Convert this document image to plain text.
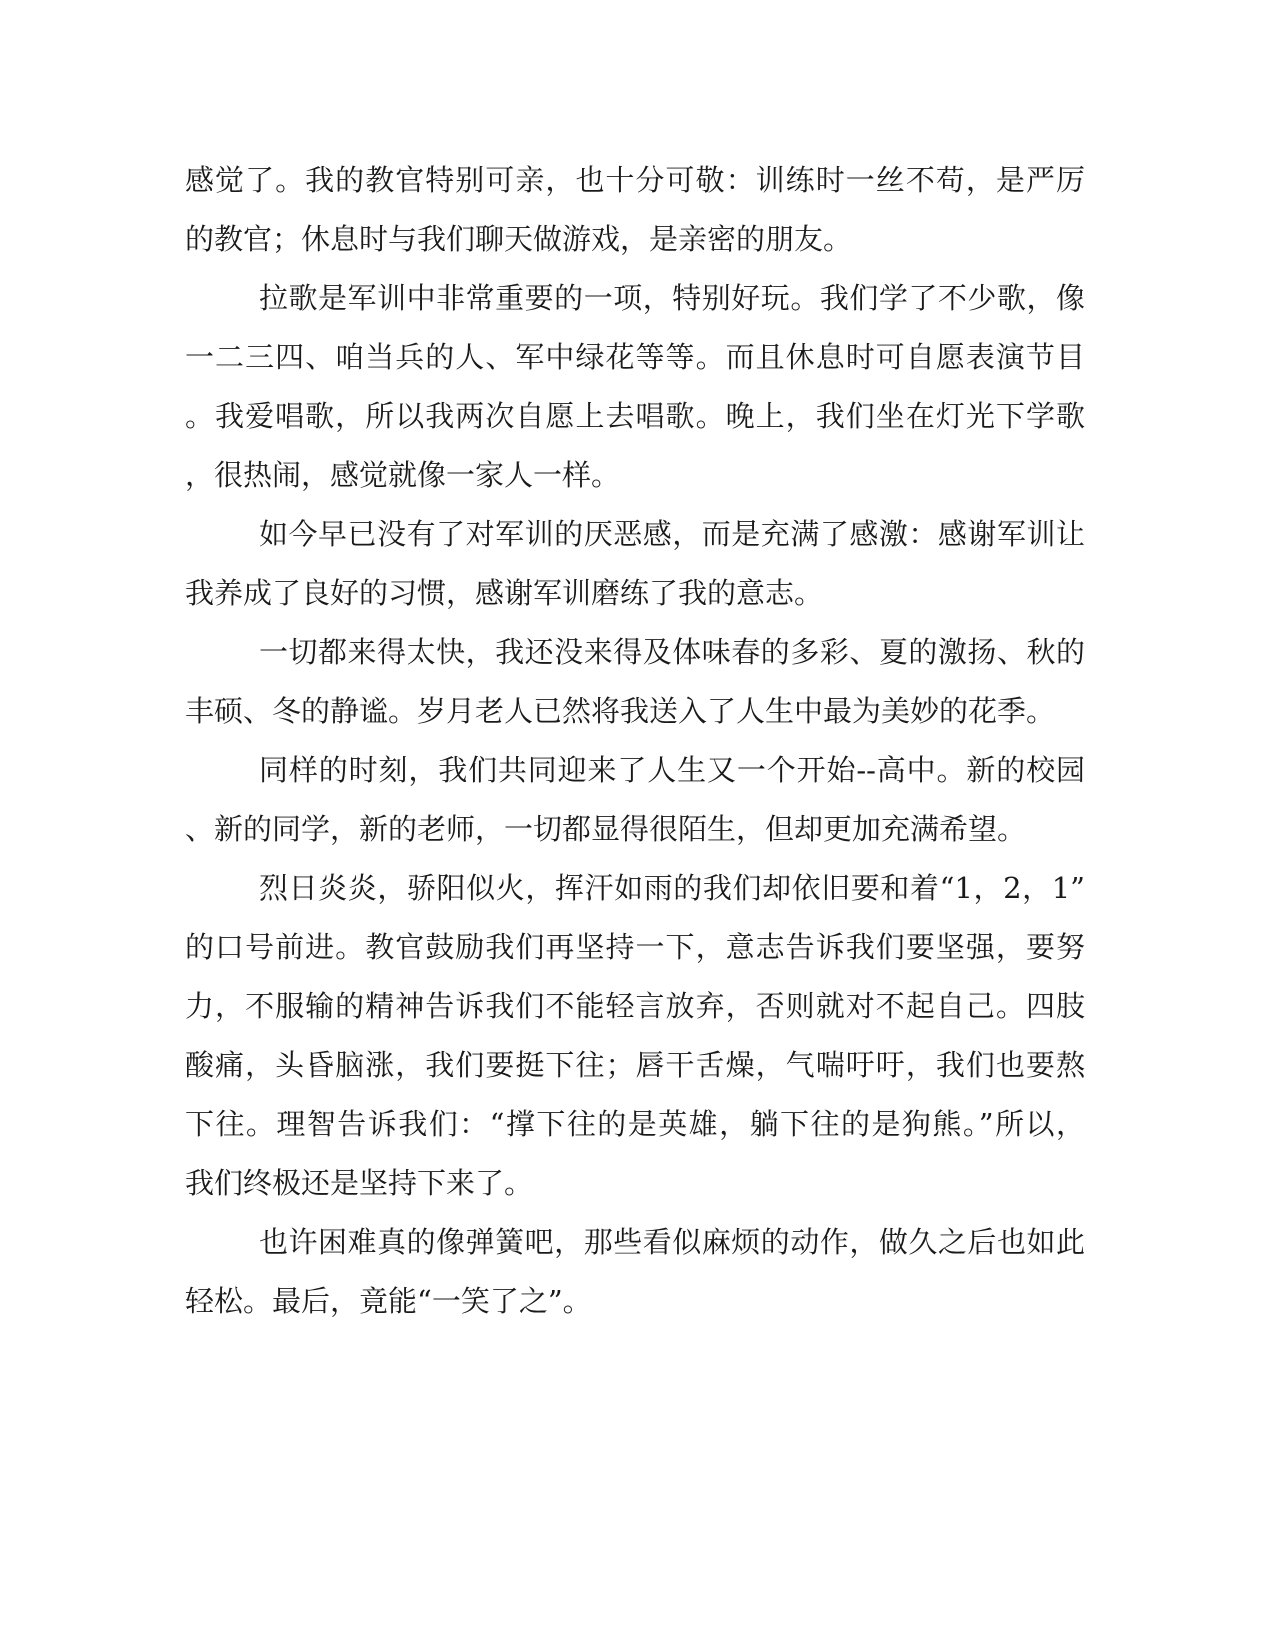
感觉了。我的教官特别可亲，也十分可敬：训练时一丝不苟，是严厉
的教官；休息时与我们聊天做游戏，是亲密的朋友。
拉歌是军训中非常重要的一项，特别好玩。我们学了不少歌，像
一二三四、咱当兵的人、军中绿花等等。而且休息时可自愿表演节目
。我爱唱歌，所以我两次自愿上去唱歌。晚上，我们坐在灯光下学歌
，很热闹，感觉就像一家人一样。
如今早已没有了对军训的厌恶感，而是充满了感激：感谢军训让
我养成了良好的习惯，感谢军训磨练了我的意志。
一切都来得太快，我还没来得及体味春的多彩、夏的激扬、秋的
丰硕、冬的静谧。岁月老人已然将我送入了人生中最为美妙的花季。
同样的时刻，我们共同迎来了人生又一个开始--高中。新的校园
、新的同学，新的老师，一切都显得很陌生，但却更加充满希望。
烈日炎炎，骄阳似火，挥汗如雨的我们却依旧要和着“1，2，1”
的口号前进。教官鼓励我们再坚持一下，意志告诉我们要坚强，要努
力，不服输的精神告诉我们不能轻言放弃，否则就对不起自己。四肢
酸痛，头昏脑涨，我们要挺下往；唇干舌燥，气喘吁吁，我们也要熬
下往。理智告诉我们：“撑下往的是英雄，躺下往的是狗熊。”所以，
我们终极还是坚持下来了。
也许困难真的像弹簧吧，那些看似麻烦的动作，做久之后也如此
轻松。最后，竟能“一笑了之”。
